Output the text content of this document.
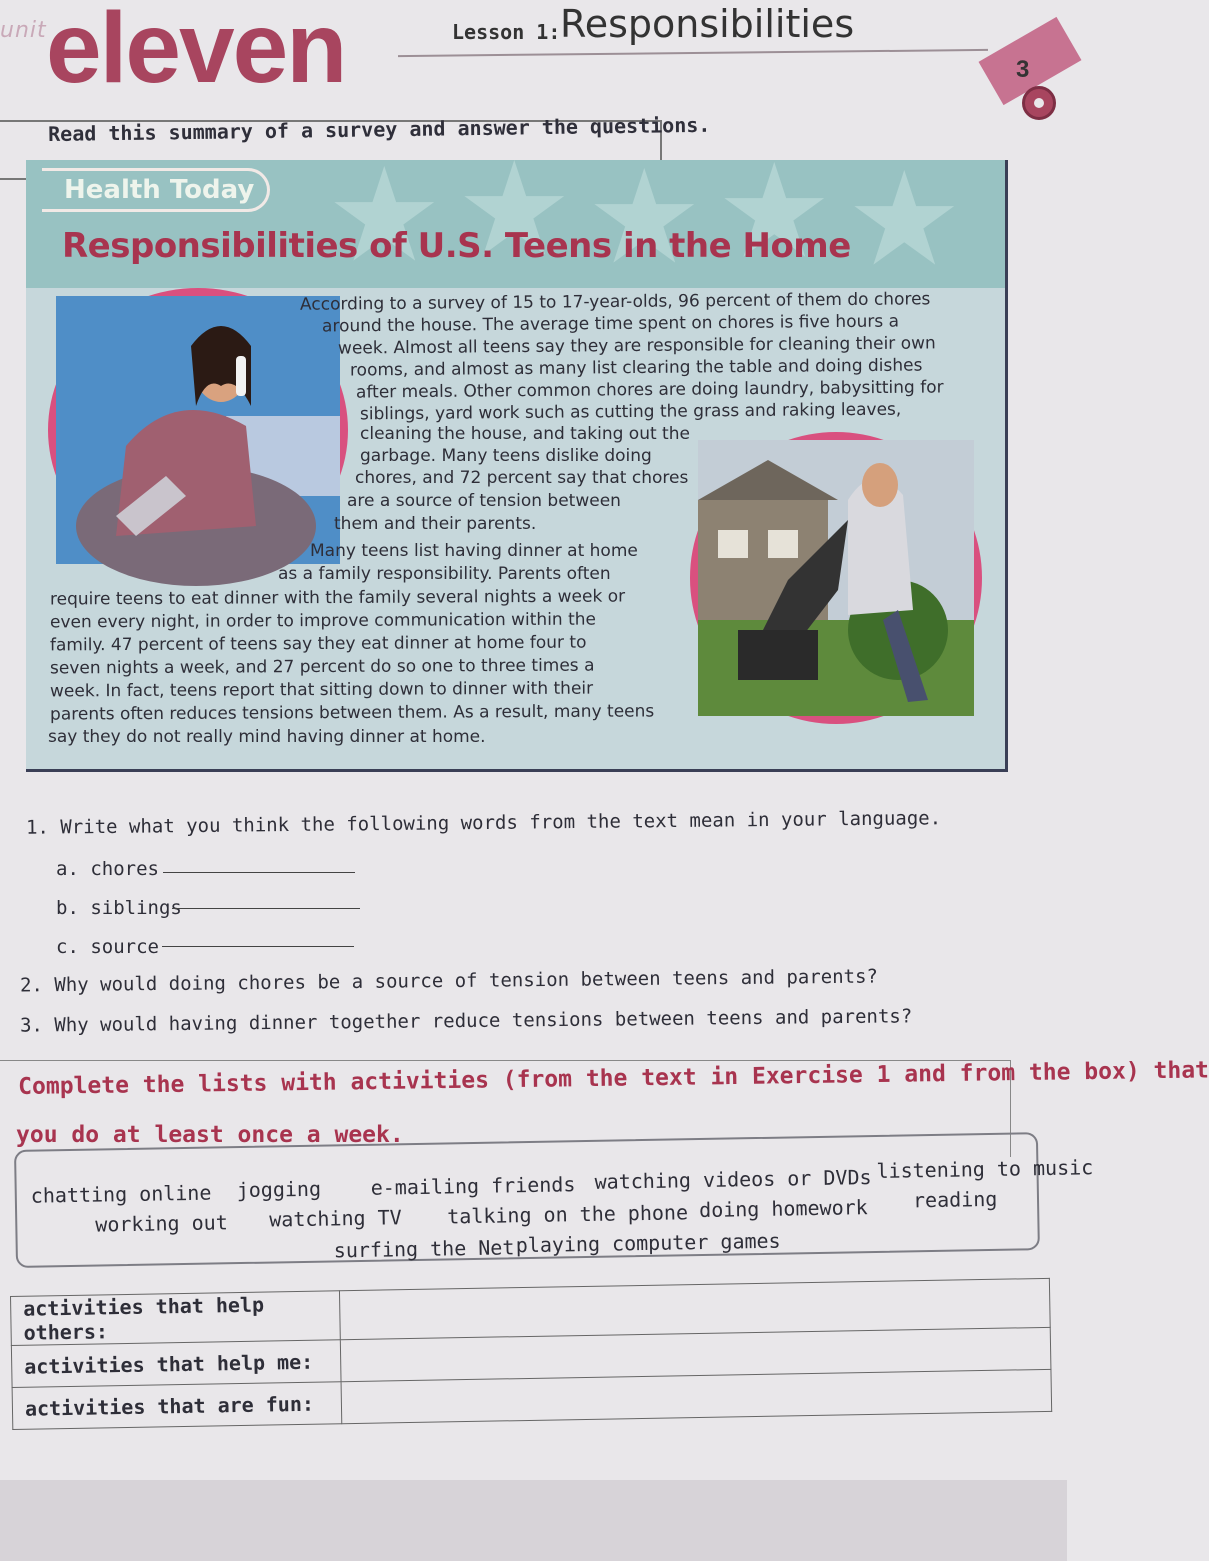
unit eleven	Lesson 1: Responsibilities
3
Read this summary of a survey and answer the questions.
★ ★ ★ ★ ★
Health Today
Responsibilities of U.S. Teens in the Home
According to a survey of 15 to 17-year-olds, 96 percent of them do chores
around the house. The average time spent on chores is five hours a
week. Almost all teens say they are responsible for cleaning their own
rooms, and almost as many list clearing the table and doing dishes
after meals. Other common chores are doing laundry, babysitting for
siblings, yard work such as cutting the grass and raking leaves,
cleaning the house, and taking out the
garbage. Many teens dislike doing
chores, and 72 percent say that chores
are a source of tension between
them and their parents.
Many teens list having dinner at home
as a family responsibility. Parents often
require teens to eat dinner with the family several nights a week or
even every night, in order to improve communication within the
family. 47 percent of teens say they eat dinner at home four to
seven nights a week, and 27 percent do so one to three times a
week. In fact, teens report that sitting down to dinner with their
parents often reduces tensions between them. As a result, many teens
say they do not really mind having dinner at home.
1. Write what you think the following words from the text mean in your language.
a. chores
b. siblings
c. source
2. Why would doing chores be a source of tension between teens and parents?
3. Why would having dinner together reduce tensions between teens and parents?
Complete the lists with activities (from the text in Exercise 1 and from the box) that
you do at least once a week.
chatting online jogging e-mailing friends watching videos or DVDs listening to music
working out watching TV talking on the phone doing homework reading
surfing the Net playing computer games
activities that help others:	
activities that help me:	
activities that are fun:	
